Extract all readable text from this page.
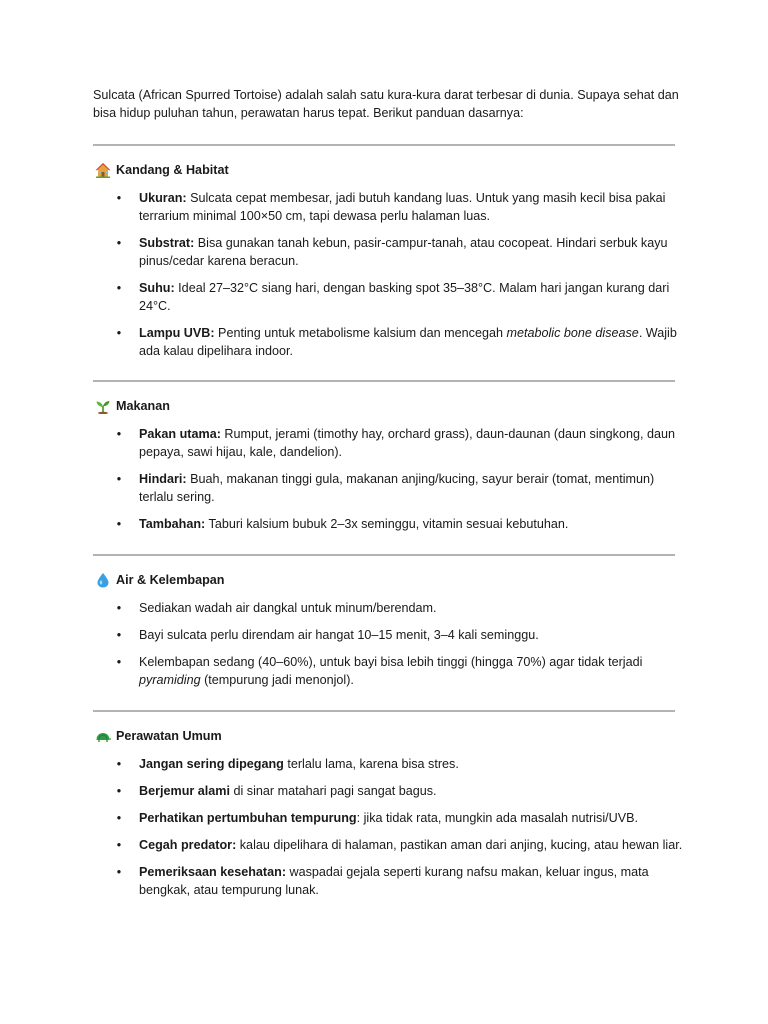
Sulcata (African Spurred Tortoise) adalah salah satu kura-kura darat terbesar di dunia. Supaya sehat dan bisa hidup puluhan tahun, perawatan harus tepat. Berikut panduan dasarnya:

Kandang & Habitat
• Ukuran: Sulcata cepat membesar, jadi butuh kandang luas. Untuk yang masih kecil bisa pakai terrarium minimal 100×50 cm, tapi dewasa perlu halaman luas.
• Substrat: Bisa gunakan tanah kebun, pasir-campur-tanah, atau cocopeat. Hindari serbuk kayu pinus/cedar karena beracun.
• Suhu: Ideal 27–32°C siang hari, dengan basking spot 35–38°C. Malam hari jangan kurang dari 24°C.
• Lampu UVB: Penting untuk metabolisme kalsium dan mencegah metabolic bone disease. Wajib ada kalau dipelihara indoor.
Makanan
• Pakan utama: Rumput, jerami (timothy hay, orchard grass), daun-daunan (daun singkong, daun pepaya, sawi hijau, kale, dandelion).
• Hindari: Buah, makanan tinggi gula, makanan anjing/kucing, sayur berair (tomat, mentimun) terlalu sering.
• Tambahan: Taburi kalsium bubuk 2–3x seminggu, vitamin sesuai kebutuhan.
Air & Kelembapan
• Sediakan wadah air dangkal untuk minum/berendam.
• Bayi sulcata perlu direndam air hangat 10–15 menit, 3–4 kali seminggu.
• Kelembapan sedang (40–60%), untuk bayi bisa lebih tinggi (hingga 70%) agar tidak terjadi pyramiding (tempurung jadi menonjol).
Perawatan Umum
• Jangan sering dipegang terlalu lama, karena bisa stres.
• Berjemur alami di sinar matahari pagi sangat bagus.
• Perhatikan pertumbuhan tempurung: jika tidak rata, mungkin ada masalah nutrisi/UVB.
• Cegah predator: kalau dipelihara di halaman, pastikan aman dari anjing, kucing, atau hewan liar.
• Pemeriksaan kesehatan: waspadai gejala seperti kurang nafsu makan, keluar ingus, mata bengkak, atau tempurung lunak.
